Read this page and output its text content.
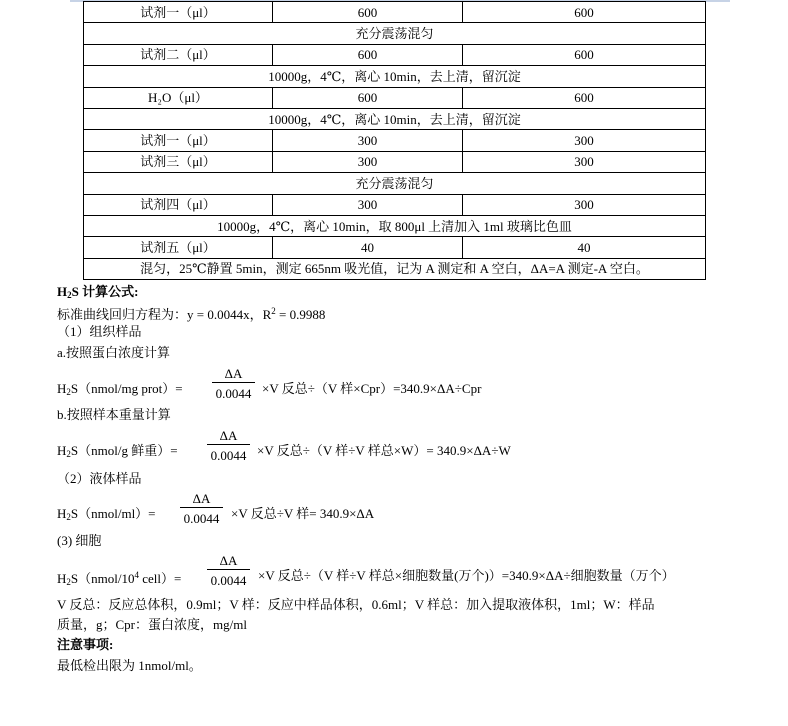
试剂一（μl）	600	600
充分震荡混匀		
试剂二（μl）	600	600
10000g，4℃，离心 10min，去上清，留沉淀		
H₂O（μl）	600	600
10000g，4℃，离心 10min，去上清，留沉淀		
试剂一（μl）	300	300
试剂三（μl）	300	300
充分震荡混匀		
试剂四（μl）	300	300
10000g，4℃，离心 10min，取 800μl 上清加入 1ml 玻璃比色皿		
试剂五（μl）	40	40
混匀，25℃静置 5min，测定 665nm 吸光值，记为 A 测定和 A 空白，ΔA=A 测定-A 空白。		
$H_2S$ 计算公式:
标准曲线回归方程为：y = 0.0044x，$R^2 = 0.9988$
（1）组织样品
a.按照蛋白浓度计算
$H_2S(nmol/mg$ prot）=
ΔA
0.0044 ×V 反总÷（V 样×Cpr）=340.9×ΔA÷Cpr
b.按照样本重量计算
$H_2S(nmol/g$ 鲜重）=
ΔA
0.0044 ×V 反总÷（V 样÷V 样总×W）= 340.9×ΔA÷W
（2）液体样品
$H_2S(nmol/ml)=$
ΔA
0.0044 ×V 反总÷V 样= 340.9×ΔA
(3) 细胞
$H_2S(nmol/10^4$ cell）=
ΔA
0.0044 ×V 反总÷（V 样÷V 样总×细胞数量(万个)）=340.9×ΔA÷细胞数量（万个）
V 反总：反应总体积，0.9ml；V 样：反应中样品体积，0.6ml；V 样总：加入提取液体积，1ml；W：样品
质量，g；Cpr：蛋白浓度，mg/ml
注意事项:
最低检出限为 1nmol/ml。
